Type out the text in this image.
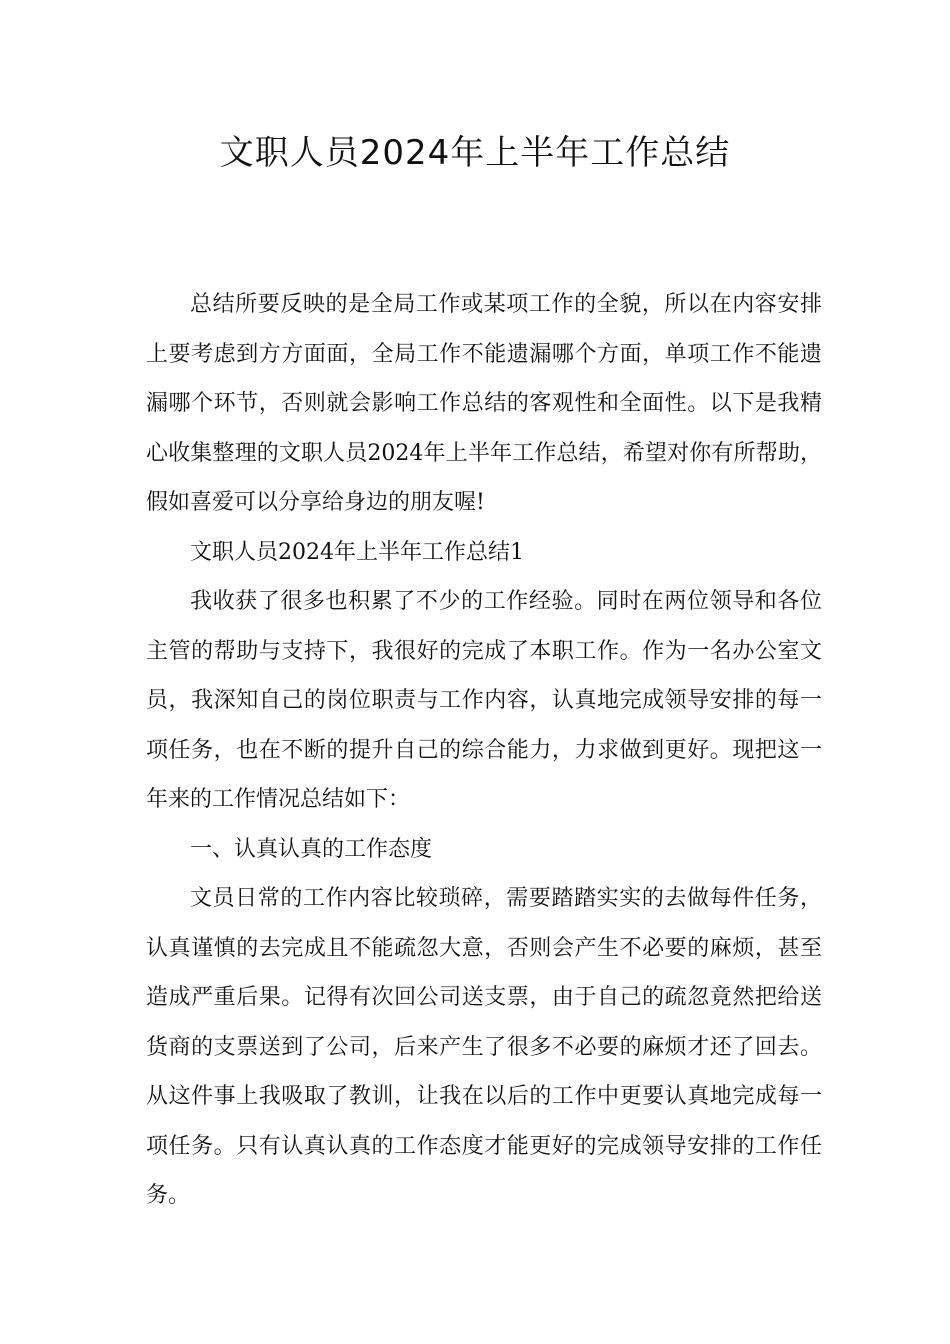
文职人员2024年上半年工作总结

总结所要反映的是全局工作或某项工作的全貌，所以在内容安排上要考虑到方方面面，全局工作不能遗漏哪个方面，单项工作不能遗漏哪个环节，否则就会影响工作总结的客观性和全面性。以下是我精心收集整理的文职人员2024年上半年工作总结，希望对你有所帮助，假如喜爱可以分享给身边的朋友喔!

文职人员2024年上半年工作总结1

我收获了很多也积累了不少的工作经验。同时在两位领导和各位主管的帮助与支持下，我很好的完成了本职工作。作为一名办公室文员，我深知自己的岗位职责与工作内容，认真地完成领导安排的每一项任务，也在不断的提升自己的综合能力，力求做到更好。现把这一年来的工作情况总结如下：

一、认真认真的工作态度

文员日常的工作内容比较琐碎，需要踏踏实实的去做每件任务，认真谨慎的去完成且不能疏忽大意，否则会产生不必要的麻烦，甚至造成严重后果。记得有次回公司送支票，由于自己的疏忽竟然把给送货商的支票送到了公司，后来产生了很多不必要的麻烦才还了回去。从这件事上我吸取了教训，让我在以后的工作中更要认真地完成每一项任务。只有认真认真的工作态度才能更好的完成领导安排的工作任务。
